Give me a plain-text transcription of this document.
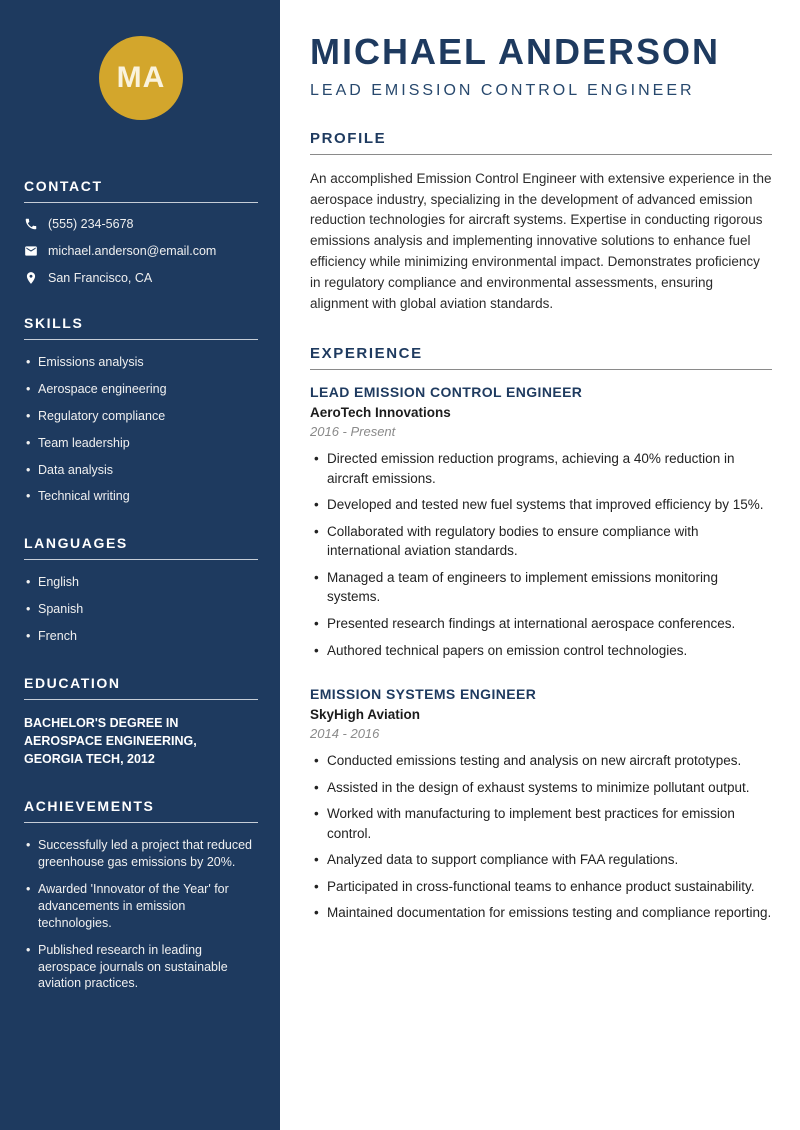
MA
CONTACT
(555) 234-5678
michael.anderson@email.com
San Francisco, CA
SKILLS
• Emissions analysis
• Aerospace engineering
• Regulatory compliance
• Team leadership
• Data analysis
• Technical writing
LANGUAGES
• English
• Spanish
• French
EDUCATION
BACHELOR'S DEGREE IN AEROSPACE ENGINEERING, GEORGIA TECH, 2012
ACHIEVEMENTS
• Successfully led a project that reduced greenhouse gas emissions by 20%.
• Awarded 'Innovator of the Year' for advancements in emission technologies.
• Published research in leading aerospace journals on sustainable aviation practices.
MICHAEL ANDERSON
LEAD EMISSION CONTROL ENGINEER
PROFILE

An accomplished Emission Control Engineer with extensive experience in the aerospace industry, specializing in the development of advanced emission reduction technologies for aircraft systems. Expertise in conducting rigorous emissions analysis and implementing innovative solutions to enhance fuel efficiency while minimizing environmental impact. Demonstrates proficiency in regulatory compliance and environmental assessments, ensuring alignment with global aviation standards.

EXPERIENCE
LEAD EMISSION CONTROL ENGINEER
AeroTech Innovations
2016 - Present
• Directed emission reduction programs, achieving a 40% reduction in aircraft emissions.
• Developed and tested new fuel systems that improved efficiency by 15%.
• Collaborated with regulatory bodies to ensure compliance with international aviation standards.
• Managed a team of engineers to implement emissions monitoring systems.
• Presented research findings at international aerospace conferences.
• Authored technical papers on emission control technologies.
EMISSION SYSTEMS ENGINEER
SkyHigh Aviation
2014 - 2016
• Conducted emissions testing and analysis on new aircraft prototypes.
• Assisted in the design of exhaust systems to minimize pollutant output.
• Worked with manufacturing to implement best practices for emission control.
• Analyzed data to support compliance with FAA regulations.
• Participated in cross-functional teams to enhance product sustainability.
• Maintained documentation for emissions testing and compliance reporting.
